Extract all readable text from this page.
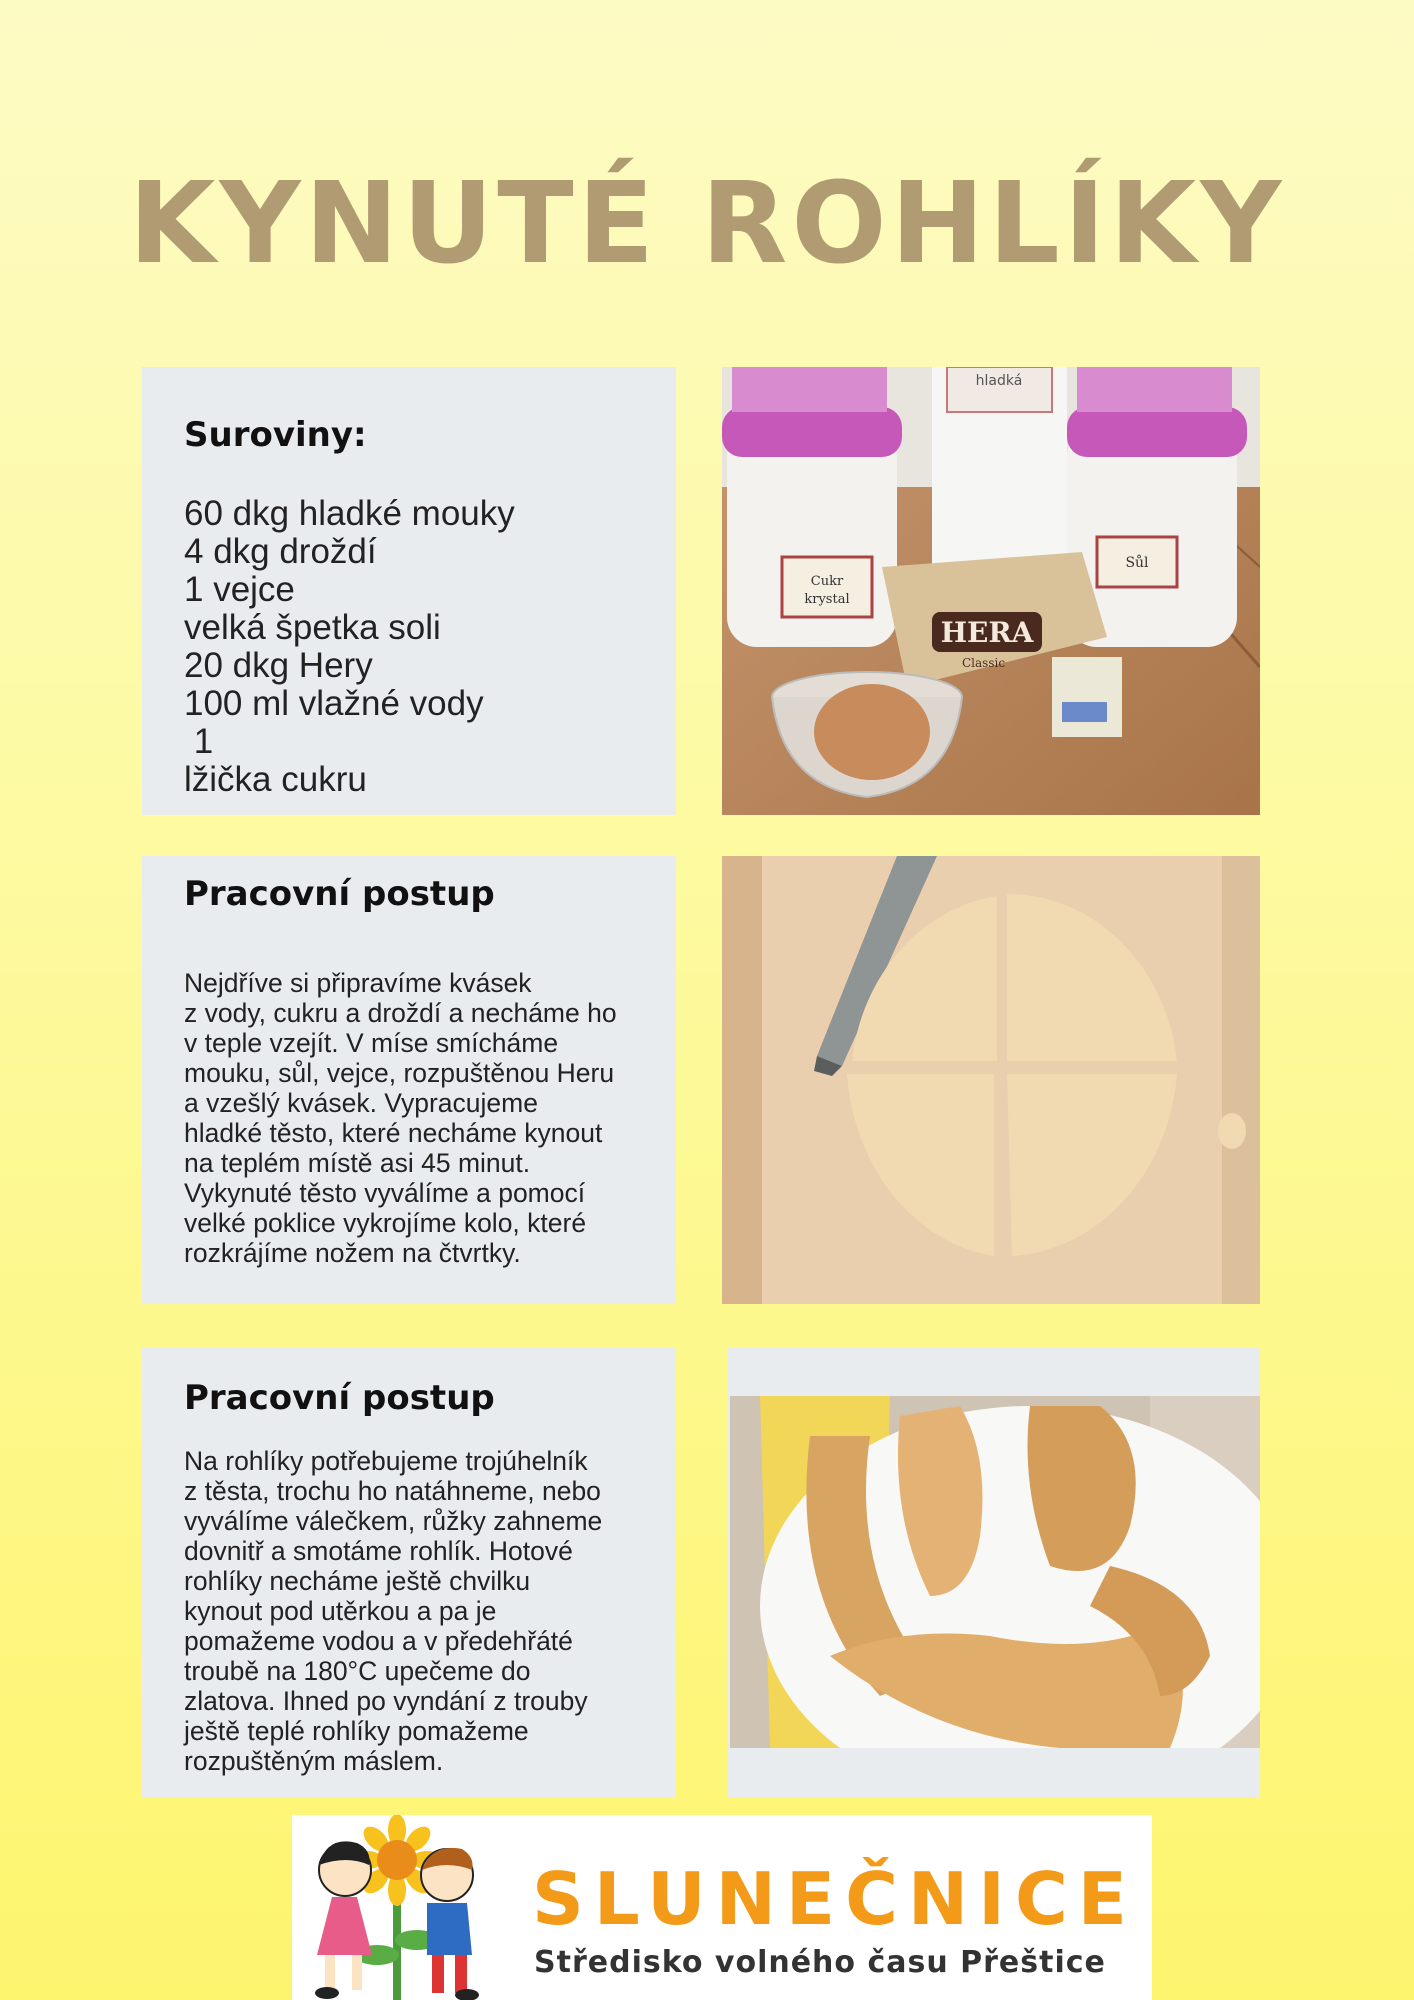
KYNUTÉ ROHLÍKY
Suroviny:
60 dkg hladké mouky
4 dkg droždí
1 vejce
velká špetka soli
20 dkg Hery
100 ml vlažné vody
1
lžička cukru
Cukr
krystal
hladká
Sůl
HERA
Classic
Pracovní postup
Nejdříve si připravíme kvásek
z vody, cukru a droždí a necháme ho
v teple vzejít. V míse smícháme
mouku, sůl, vejce, rozpuštěnou Heru
a vzešlý kvásek. Vypracujeme
hladké těsto, které necháme kynout
na teplém místě asi 45 minut.
Vykynuté těsto vyválíme a pomocí
velké poklice vykrojíme kolo, které
rozkrájíme nožem na čtvrtky.
Pracovní postup
Na rohlíky potřebujeme trojúhelník
z těsta, trochu ho natáhneme, nebo
vyválíme válečkem, růžky zahneme
dovnitř a smotáme rohlík. Hotové
rohlíky necháme ještě chvilku
kynout pod utěrkou a pa je
pomažeme vodou a v předehřáté
troubě na 180°C upečeme do
zlatova. Ihned po vyndání z trouby
ještě teplé rohlíky pomažeme
rozpuštěným máslem.
SLUNEČNICE
Středisko volného času Přeštice
